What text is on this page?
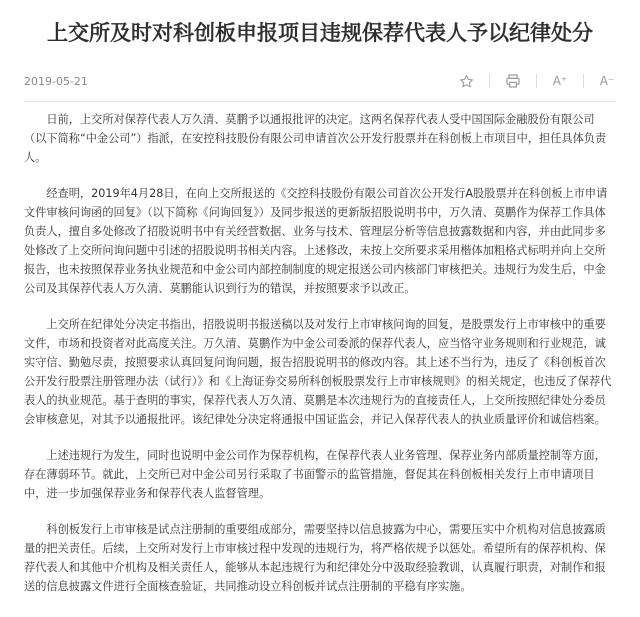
上交所及时对科创板申报项目违规保荐代表人予以纪律处分
2019-05-21	A⁺	A⁻

日前，上交所对保荐代表人万久清、莫鹏予以通报批评的决定。这两名保荐代表人受中国国际金融股份有限公司（以下简称“中金公司”）指派，在安控科技股份有限公司申请首次公开发行股票并在科创板上市项目中，担任具体负责人。

经查明，2019年4月28日，在向上交所报送的《交控科技股份有限公司首次公开发行A股股票并在科创板上市申请文件审核问询函的回复》（以下简称《问询回复》）及同步报送的更新版招股说明书中，万久清、莫鹏作为保荐工作具体负责人，擅自多处修改了招股说明书中有关经营数据、业务与技术、管理层分析等信息披露数据和内容，并由此同步多处修改了上交所问询问题中引述的招股说明书相关内容。上述修改，未按上交所要求采用楷体加粗格式标明并向上交所报告，也未按照保荐业务执业规范和中金公司内部控制制度的规定报送公司内核部门审核把关。违规行为发生后，中金公司及其保荐代表人万久清、莫鹏能认识到行为的错误，并按照要求予以改正。

上交所在纪律处分决定书指出，招股说明书报送稿以及对发行上市审核问询的回复，是股票发行上市审核中的重要文件，市场和投资者对此高度关注。万久清、莫鹏作为中金公司委派的保荐代表人，应当恪守业务规则和行业规范，诚实守信、勤勉尽责，按照要求认真回复问询问题，报告招股说明书的修改内容。其上述不当行为，违反了《科创板首次公开发行股票注册管理办法（试行）》和《上海证券交易所科创板股票发行上市审核规则》的相关规定，也违反了保荐代表人的执业规范。基于查明的事实，保荐代表人万久清、莫鹏是本次违规行为的直接责任人，上交所按照纪律处分委员会审核意见，对其予以通报批评。该纪律处分决定将通报中国证监会，并记入保荐代表人的执业质量评价和诚信档案。

上述违规行为发生，同时也说明中金公司作为保荐机构，在保荐代表人业务管理、保荐业务内部质量控制等方面，存在薄弱环节。就此，上交所已对中金公司另行采取了书面警示的监管措施，督促其在科创板相关发行上市申请项目中，进一步加强保荐业务和保荐代表人监督管理。

科创板发行上市审核是试点注册制的重要组成部分，需要坚持以信息披露为中心，需要压实中介机构对信息披露质量的把关责任。后续，上交所对发行上市审核过程中发现的违规行为，将严格依规予以惩处。希望所有的保荐机构、保荐代表人和其他中介机构及相关责任人，能够从本起违规行为和纪律处分中汲取经验教训，认真履行职责，对制作和报送的信息披露文件进行全面核查验证，共同推动设立科创板并试点注册制的平稳有序实施。
